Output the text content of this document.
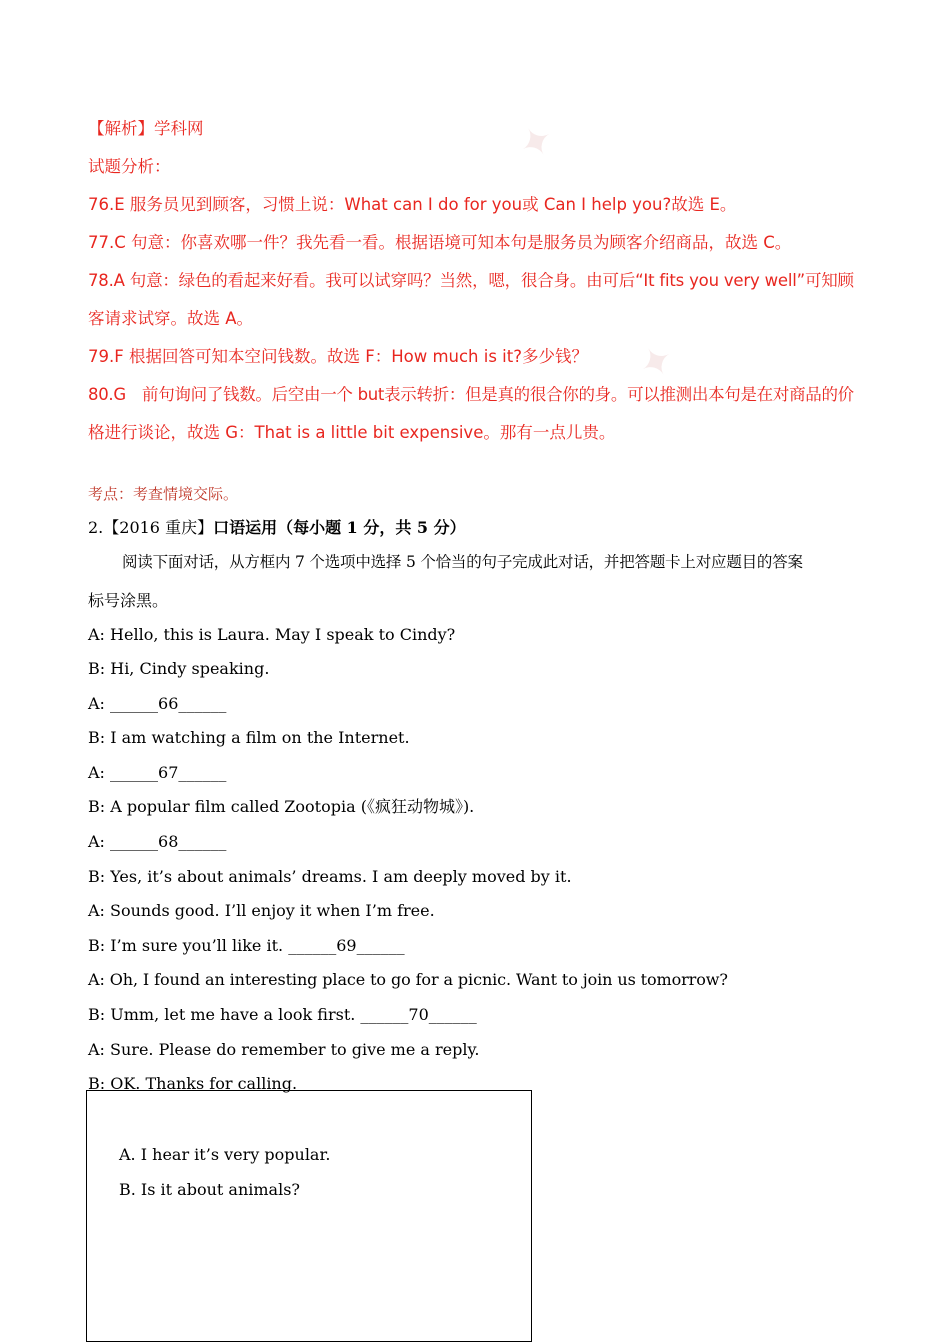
✦
✦
【解析】学科网
试题分析：
76.E 服务员见到顾客，习惯上说：What can I do for you或 Can I help you?故选 E。
77.C 句意：你喜欢哪一件？我先看一看。根据语境可知本句是服务员为顾客介绍商品，故选 C。
78.A 句意：绿色的看起来好看。我可以试穿吗？当然，嗯，很合身。由可后“It fits you very well”可知顾
客请求试穿。故选 A。
79.F 根据回答可知本空问钱数。故选 F：How much is it?多少钱？
80.G　前句询问了钱数。后空由一个 but表示转折：但是真的很合你的身。可以推测出本句是在对商品的价
格进行谈论，故选 G：That is a little bit expensive。那有一点儿贵。
考点：考查情境交际。
2.【2016 重庆】口语运用（每小题 1 分，共 5 分）
阅读下面对话，从方框内 7 个选项中选择 5 个恰当的句子完成此对话，并把答题卡上对应题目的答案
标号涂黑。
A: Hello, this is Laura. May I speak to Cindy?
B: Hi, Cindy speaking.
A: ______66______
B: I am watching a film on the Internet.
A: ______67______
B: A popular film called Zootopia (《疯狂动物城》).
A: ______68______
B: Yes, it’s about animals’ dreams. I am deeply moved by it.
A: Sounds good. I’ll enjoy it when I’m free.
B: I’m sure you’ll like it. ______69______
A: Oh, I found an interesting place to go for a picnic. Want to join us tomorrow?
B: Umm, let me have a look first. ______70______
A: Sure. Please do remember to give me a reply.
B: OK. Thanks for calling.
A. I hear it’s very popular.
B. Is it about animals?
